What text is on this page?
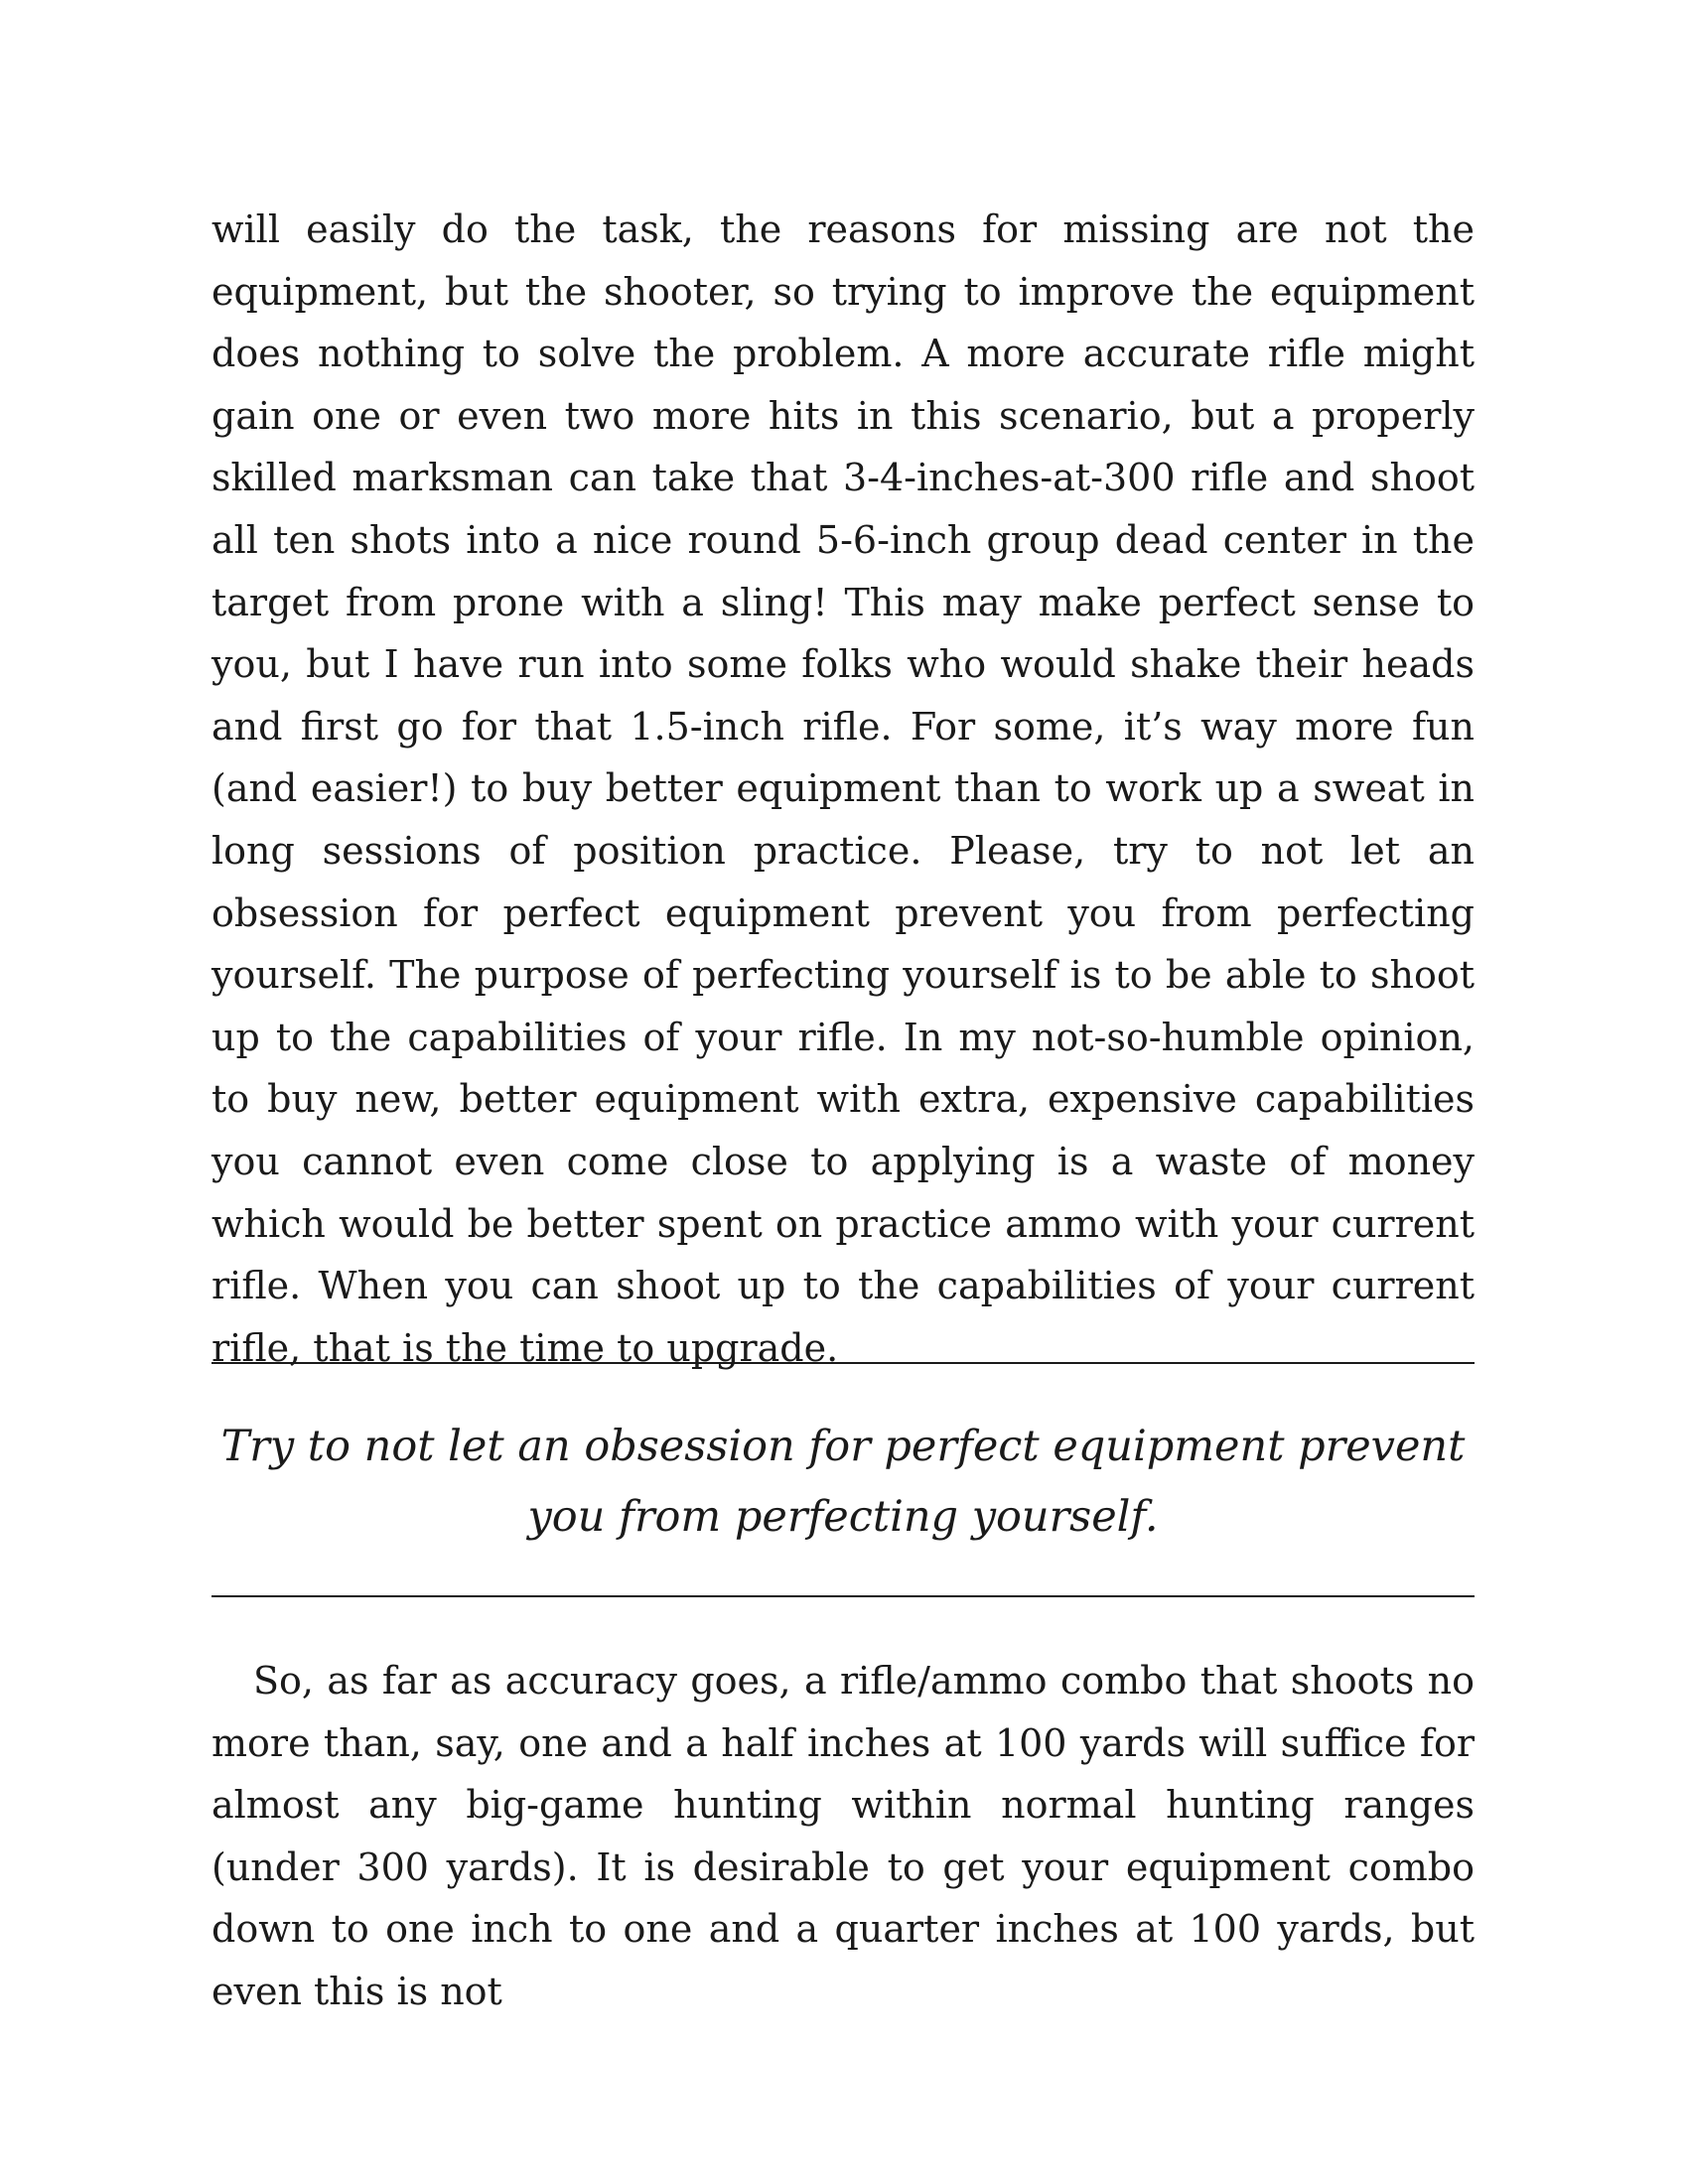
will easily do the task, the reasons for missing are not the equipment, but the shooter, so trying to improve the equipment does nothing to solve the problem. A more accurate rifle might gain one or even two more hits in this scenario, but a properly skilled marksman can take that 3-4-inches-at-300 rifle and shoot all ten shots into a nice round 5-6-inch group dead center in the target from prone with a sling! This may make perfect sense to you, but I have run into some folks who would shake their heads and first go for that 1.5-inch rifle. For some, it’s way more fun (and easier!) to buy better equipment than to work up a sweat in long sessions of position practice. Please, try to not let an obsession for perfect equipment prevent you from perfecting yourself. The purpose of perfecting yourself is to be able to shoot up to the capabilities of your rifle. In my not-so-humble opinion, to buy new, better equipment with extra, expensive capabilities you cannot even come close to applying is a waste of money which would be better spent on practice ammo with your current rifle. When you can shoot up to the capabilities of your current rifle, that is the time to upgrade.

Try to not let an obsession for perfect equipment prevent
you from perfecting yourself.

So, as far as accuracy goes, a rifle/ammo combo that shoots no more than, say, one and a half inches at 100 yards will suffice for almost any big-game hunting within normal hunting ranges (under 300 yards). It is desirable to get your equipment combo down to one inch to one and a quarter inches at 100 yards, but even this is not
